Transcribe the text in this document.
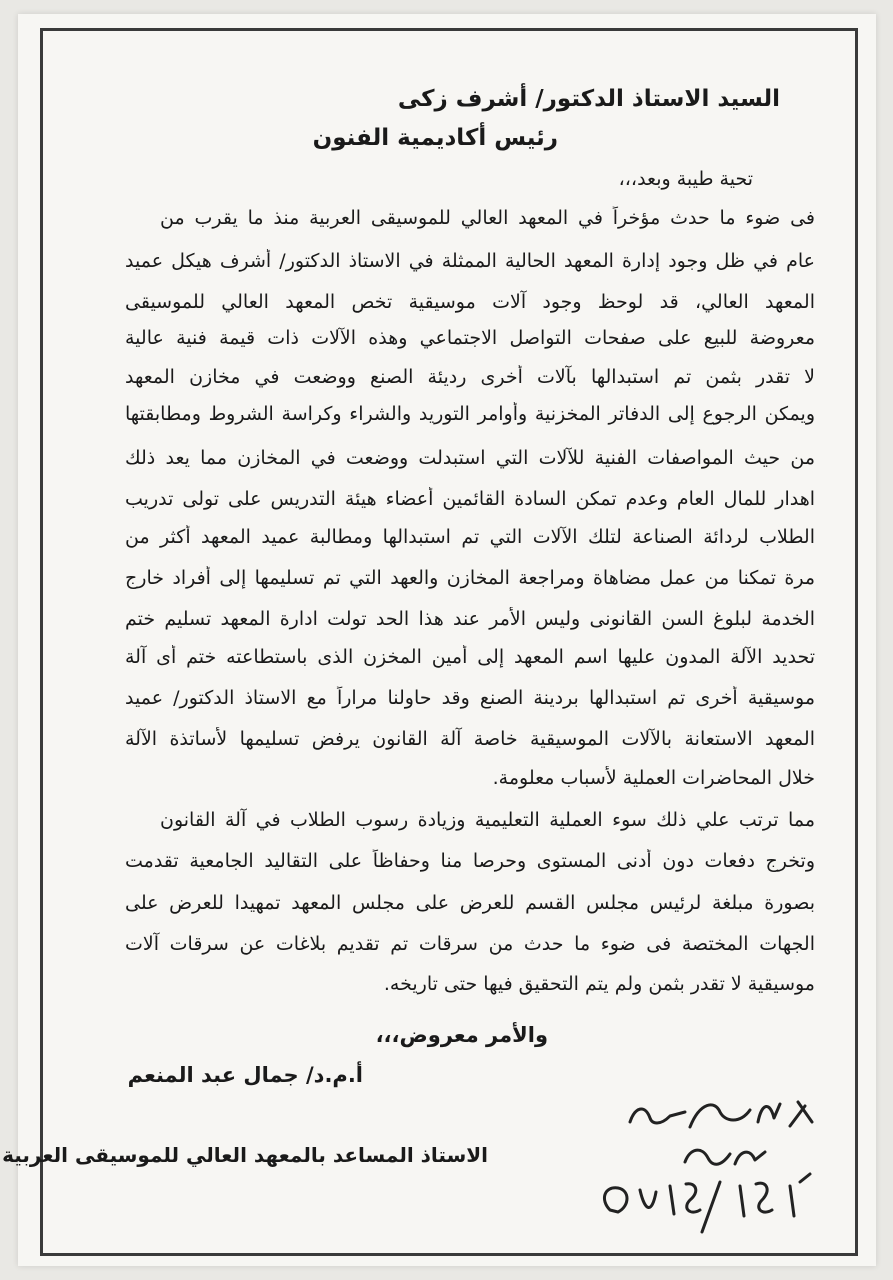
السيد الاستاذ الدكتور/ أشرف زكى
رئيس أكاديمية الفنون
تحية طيبة وبعد،،،
فى ضوء ما حدث مؤخراً في المعهد العالي للموسيقى العربية منذ ما يقرب من
عام في ظل وجود إدارة المعهد الحالية الممثلة في الاستاذ الدكتور/ أشرف هيكل عميد
المعهد العالي، قد لوحظ وجود آلات موسيقية تخص المعهد العالي للموسيقى
معروضة للبيع على صفحات التواصل الاجتماعي وهذه الآلات ذات قيمة فنية عالية
لا تقدر بثمن تم استبدالها بآلات أخرى رديئة الصنع ووضعت في مخازن المعهد
ويمكن الرجوع إلى الدفاتر المخزنية وأوامر التوريد والشراء وكراسة الشروط ومطابقتها
من حيث المواصفات الفنية للآلات التي استبدلت ووضعت في المخازن مما يعد ذلك
اهدار للمال العام وعدم تمكن السادة القائمين أعضاء هيئة التدريس على تولى تدريب
الطلاب لردائة الصناعة لتلك الآلات التي تم استبدالها ومطالبة عميد المعهد أكثر من
مرة تمكنا من عمل مضاهاة ومراجعة المخازن والعهد التي تم تسليمها إلى أفراد خارج
الخدمة لبلوغ السن القانونى وليس الأمر عند هذا الحد تولت ادارة المعهد تسليم ختم
تحديد الآلة المدون عليها اسم المعهد إلى أمين المخزن الذى باستطاعته ختم أى آلة
موسيقية أخرى تم استبدالها بردينة الصنع وقد حاولنا مراراً مع الاستاذ الدكتور/ عميد
المعهد الاستعانة بالآلات الموسيقية خاصة آلة القانون يرفض تسليمها لأساتذة الآلة
خلال المحاضرات العملية لأسباب معلومة.
مما ترتب علي ذلك سوء العملية التعليمية وزيادة رسوب الطلاب في آلة القانون
وتخرج دفعات دون أدنى المستوى وحرصا منا وحفاظاً على التقاليد الجامعية تقدمت
بصورة مبلغة لرئيس مجلس القسم للعرض على مجلس المعهد تمهيدا للعرض على
الجهات المختصة فى ضوء ما حدث من سرقات تم تقديم بلاغات عن سرقات آلات
موسيقية لا تقدر بثمن ولم يتم التحقيق فيها حتى تاريخه.
والأمر معروض،،،
أ.م.د/ جمال عبد المنعم
الاستاذ المساعد بالمعهد العالي للموسيقى العربية
